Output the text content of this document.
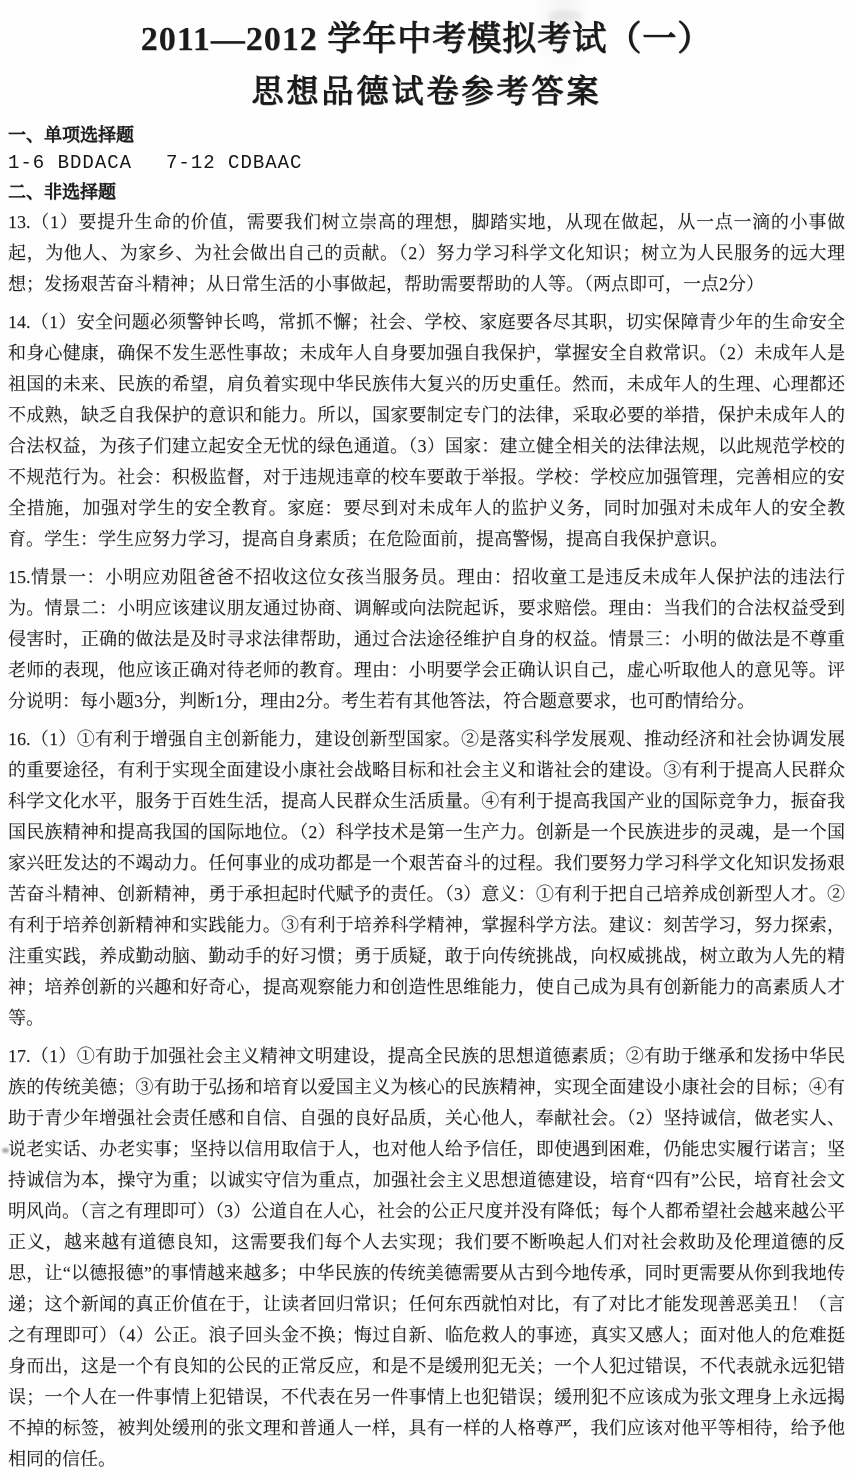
2011—2012 学年中考模拟考试（一）
思想品德试卷参考答案
一、单项选择题
1-6 BDDACA 7-12 CDBAAC
二、非选择题

13.（1）要提升生命的价值，需要我们树立崇高的理想，脚踏实地，从现在做起，从一点一滴的小事做起，为他人、为家乡、为社会做出自己的贡献。（2）努力学习科学文化知识；树立为人民服务的远大理想；发扬艰苦奋斗精神；从日常生活的小事做起，帮助需要帮助的人等。（两点即可，一点2分）

14.（1）安全问题必须警钟长鸣，常抓不懈；社会、学校、家庭要各尽其职，切实保障青少年的生命安全和身心健康，确保不发生恶性事故；未成年人自身要加强自我保护，掌握安全自救常识。（2）未成年人是祖国的未来、民族的希望，肩负着实现中华民族伟大复兴的历史重任。然而，未成年人的生理、心理都还不成熟，缺乏自我保护的意识和能力。所以，国家要制定专门的法律，采取必要的举措，保护未成年人的合法权益，为孩子们建立起安全无忧的绿色通道。（3）国家：建立健全相关的法律法规，以此规范学校的不规范行为。社会：积极监督，对于违规违章的校车要敢于举报。学校：学校应加强管理，完善相应的安全措施，加强对学生的安全教育。家庭：要尽到对未成年人的监护义务，同时加强对未成年人的安全教育。学生：学生应努力学习，提高自身素质；在危险面前，提高警惕，提高自我保护意识。

15.情景一：小明应劝阻爸爸不招收这位女孩当服务员。理由：招收童工是违反未成年人保护法的违法行为。情景二：小明应该建议朋友通过协商、调解或向法院起诉，要求赔偿。理由：当我们的合法权益受到侵害时，正确的做法是及时寻求法律帮助，通过合法途径维护自身的权益。情景三：小明的做法是不尊重老师的表现，他应该正确对待老师的教育。理由：小明要学会正确认识自己，虚心听取他人的意见等。评分说明：每小题3分，判断1分，理由2分。考生若有其他答法，符合题意要求，也可酌情给分。

16.（1）①有利于增强自主创新能力，建设创新型国家。②是落实科学发展观、推动经济和社会协调发展的重要途径，有利于实现全面建设小康社会战略目标和社会主义和谐社会的建设。③有利于提高人民群众科学文化水平，服务于百姓生活，提高人民群众生活质量。④有利于提高我国产业的国际竞争力，振奋我国民族精神和提高我国的国际地位。（2）科学技术是第一生产力。创新是一个民族进步的灵魂，是一个国家兴旺发达的不竭动力。任何事业的成功都是一个艰苦奋斗的过程。我们要努力学习科学文化知识发扬艰苦奋斗精神、创新精神，勇于承担起时代赋予的责任。（3）意义：①有利于把自己培养成创新型人才。②有利于培养创新精神和实践能力。③有利于培养科学精神，掌握科学方法。建议：刻苦学习，努力探索，注重实践，养成勤动脑、勤动手的好习惯；勇于质疑，敢于向传统挑战，向权威挑战，树立敢为人先的精神；培养创新的兴趣和好奇心，提高观察能力和创造性思维能力，使自己成为具有创新能力的高素质人才等。

17.（1）①有助于加强社会主义精神文明建设，提高全民族的思想道德素质；②有助于继承和发扬中华民族的传统美德；③有助于弘扬和培育以爱国主义为核心的民族精神，实现全面建设小康社会的目标；④有助于青少年增强社会责任感和自信、自强的良好品质，关心他人，奉献社会。（2）坚持诚信，做老实人、说老实话、办老实事；坚持以信用取信于人，也对他人给予信任，即使遇到困难，仍能忠实履行诺言；坚持诚信为本，操守为重；以诚实守信为重点，加强社会主义思想道德建设，培育“四有”公民，培育社会文明风尚。（言之有理即可）（3）公道自在人心，社会的公正尺度并没有降低；每个人都希望社会越来越公平正义，越来越有道德良知，这需要我们每个人去实现；我们要不断唤起人们对社会救助及伦理道德的反思，让“以德报德”的事情越来越多；中华民族的传统美德需要从古到今地传承，同时更需要从你到我地传递；这个新闻的真正价值在于，让读者回归常识；任何东西就怕对比，有了对比才能发现善恶美丑！（言之有理即可）（4）公正。浪子回头金不换；悔过自新、临危救人的事迹，真实又感人；面对他人的危难挺身而出，这是一个有良知的公民的正常反应，和是不是缓刑犯无关；一个人犯过错误，不代表就永远犯错误；一个人在一件事情上犯错误，不代表在另一件事情上也犯错误；缓刑犯不应该成为张文理身上永远揭不掉的标签，被判处缓刑的张文理和普通人一样，具有一样的人格尊严，我们应该对他平等相待，给予他相同的信任。
